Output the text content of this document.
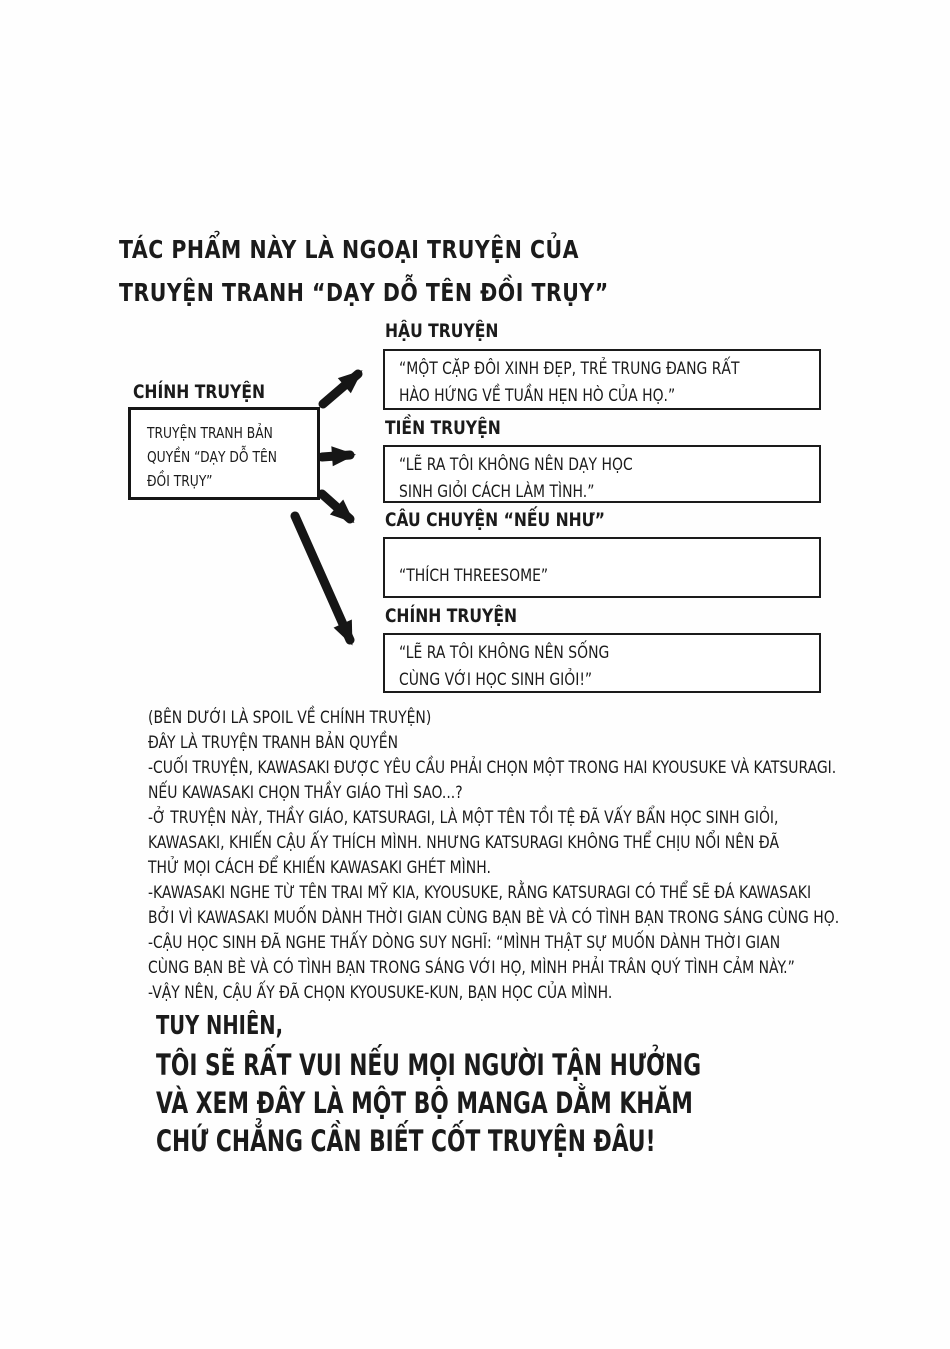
TÁC PHẨM NÀY LÀ NGOẠI TRUYỆN CỦA
TRUYỆN TRANH “DẠY DỖ TÊN ĐỒI TRỤY”
CHÍNH TRUYỆN
TRUYỆN TRANH BẢN
QUYỀN “DẠY DỖ TÊN
ĐỒI TRỤY”
HẬU TRUYỆN
“MỘT CẶP ĐÔI XINH ĐẸP, TRẺ TRUNG ĐANG RẤT
HÀO HỨNG VỀ TUẦN HẸN HÒ CỦA HỌ.”
TIỀN TRUYỆN
“LẼ RA TÔI KHÔNG NÊN DẠY HỌC
SINH GIỎI CÁCH LÀM TÌNH.”
CÂU CHUYỆN “NẾU NHƯ”
“THÍCH THREESOME”
CHÍNH TRUYỆN
“LẼ RA TÔI KHÔNG NÊN SỐNG
CÙNG VỚI HỌC SINH GIỎI!”
(BÊN DƯỚI LÀ SPOIL VỀ CHÍNH TRUYỆN)
ĐÂY LÀ TRUYỆN TRANH BẢN QUYỀN
-CUỐI TRUYỆN, KAWASAKI ĐƯỢC YÊU CẦU PHẢI CHỌN MỘT TRONG HAI KYOUSUKE VÀ KATSURAGI.
NẾU KAWASAKI CHỌN THẦY GIÁO THÌ SAO...?
-Ở TRUYỆN NÀY, THẦY GIÁO, KATSURAGI, LÀ MỘT TÊN TỒI TỆ ĐÃ VẤY BẨN HỌC SINH GIỎI,
KAWASAKI, KHIẾN CẬU ẤY THÍCH MÌNH. NHƯNG KATSURAGI KHÔNG THỂ CHỊU NỔI NÊN ĐÃ
THỬ MỌI CÁCH ĐỂ KHIẾN KAWASAKI GHÉT MÌNH.
-KAWASAKI NGHE TỪ TÊN TRAI MỸ KIA, KYOUSUKE, RẰNG KATSURAGI CÓ THỂ SẼ ĐÁ KAWASAKI
BỞI VÌ KAWASAKI MUỐN DÀNH THỜI GIAN CÙNG BẠN BÈ VÀ CÓ TÌNH BẠN TRONG SÁNG CÙNG HỌ.
-CẬU HỌC SINH ĐÃ NGHE THẤY DÒNG SUY NGHĨ: “MÌNH THẬT SỰ MUỐN DÀNH THỜI GIAN
CÙNG BẠN BÈ VÀ CÓ TÌNH BẠN TRONG SÁNG VỚI HỌ, MÌNH PHẢI TRÂN QUÝ TÌNH CẢM NÀY.”
-VẬY NÊN, CẬU ẤY ĐÃ CHỌN KYOUSUKE-KUN, BẠN HỌC CỦA MÌNH.
TUY NHIÊN,
TÔI SẼ RẤT VUI NẾU MỌI NGƯỜI TẬN HƯỞNG
VÀ XEM ĐÂY LÀ MỘT BỘ MANGA DẰM KHĂM
CHỨ CHẲNG CẦN BIẾT CỐT TRUYỆN ĐÂU!
